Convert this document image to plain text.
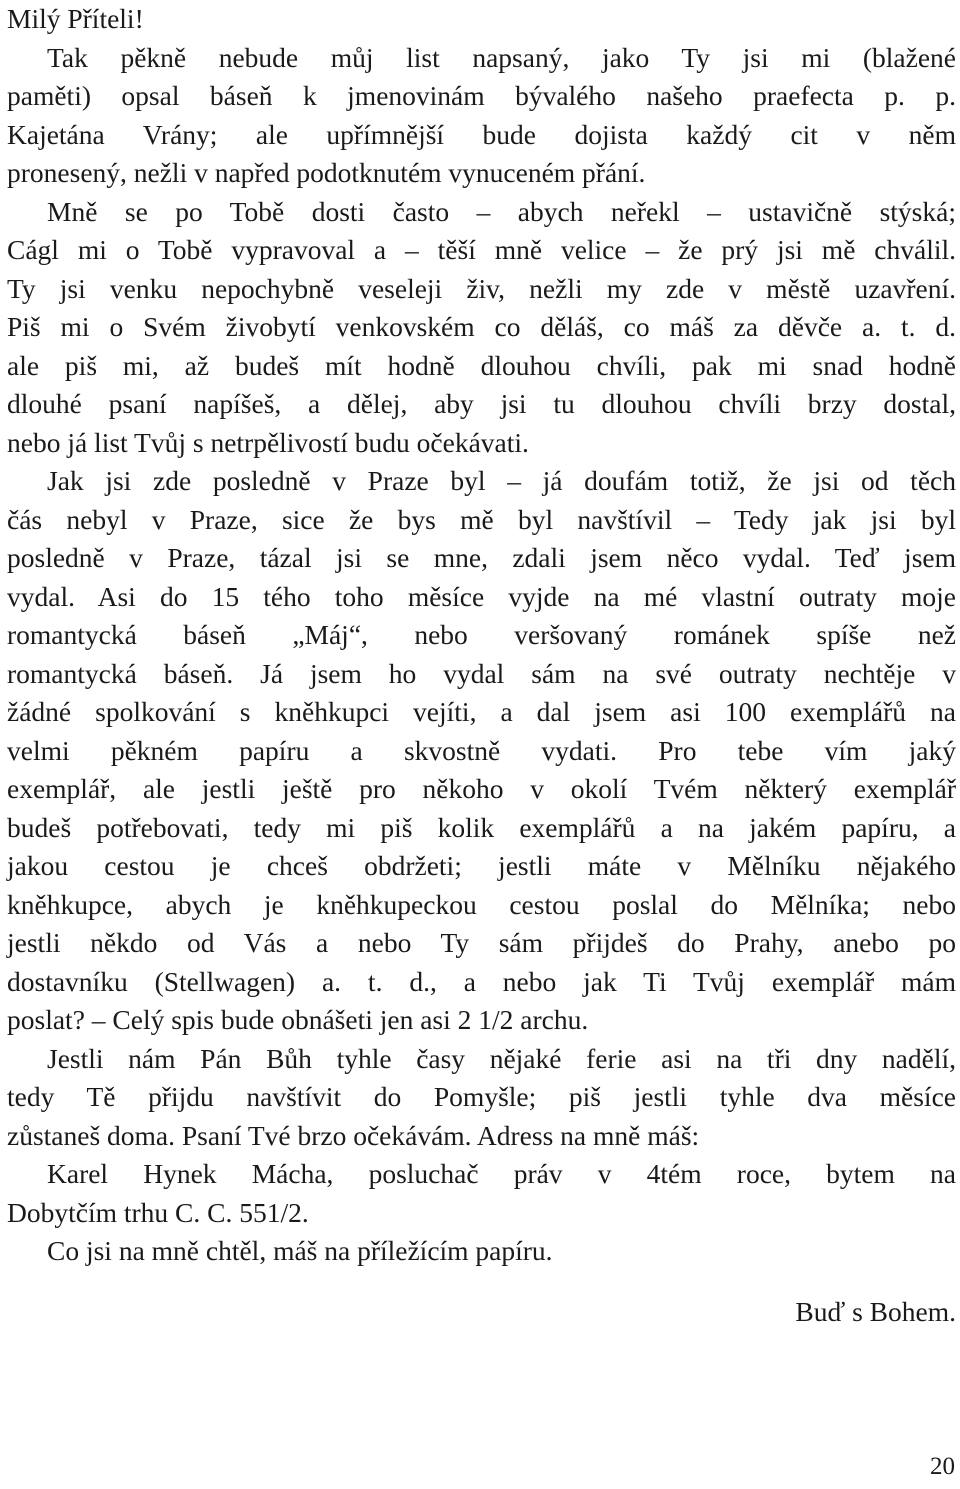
Milý Příteli!
Tak pěkně nebude můj list napsaný, jako Ty jsi mi (blažené
paměti) opsal báseň k jmenovinám bývalého našeho praefecta p. p.
Kajetána Vrány; ale upřímnější bude dojista každý cit v něm
pronesený, nežli v napřed podotknutém vynuceném přání.
Mně se po Tobě dosti často – abych neřekl – ustavičně stýská;
Cágl mi o Tobě vypravoval a – těší mně velice – že prý jsi mě chválil.
Ty jsi venku nepochybně veseleji živ, nežli my zde v městě uzavření.
Piš mi o Svém živobytí venkovském co děláš, co máš za děvče a. t. d.
ale piš mi, až budeš mít hodně dlouhou chvíli, pak mi snad hodně
dlouhé psaní napíšeš, a dělej, aby jsi tu dlouhou chvíli brzy dostal,
nebo já list Tvůj s netrpělivostí budu očekávati.
Jak jsi zde posledně v Praze byl – já doufám totiž, že jsi od těch
čás nebyl v Praze, sice že bys mě byl navštívil – Tedy jak jsi byl
posledně v Praze, tázal jsi se mne, zdali jsem něco vydal. Teď jsem
vydal. Asi do 15 tého toho měsíce vyjde na mé vlastní outraty moje
romantycká báseň „Máj“, nebo veršovaný románek spíše než
romantycká báseň. Já jsem ho vydal sám na své outraty nechtěje v
žádné spolkování s kněhkupci vejíti, a dal jsem asi 100 exemplářů na
velmi pěkném papíru a skvostně vydati. Pro tebe vím jaký
exemplář, ale jestli ještě pro někoho v okolí Tvém některý exemplář
budeš potřebovati, tedy mi piš kolik exemplářů a na jakém papíru, a
jakou cestou je chceš obdržeti; jestli máte v Mělníku nějakého
kněhkupce, abych je kněhkupeckou cestou poslal do Mělníka; nebo
jestli někdo od Vás a nebo Ty sám přijdeš do Prahy, anebo po
dostavníku (Stellwagen) a. t. d., a nebo jak Ti Tvůj exemplář mám
poslat? – Celý spis bude obnášeti jen asi 2 1/2 archu.
Jestli nám Pán Bůh tyhle časy nějaké ferie asi na tři dny nadělí,
tedy Tě přijdu navštívit do Pomyšle; piš jestli tyhle dva měsíce
zůstaneš doma. Psaní Tvé brzo očekávám. Adress na mně máš:
Karel Hynek Mácha, posluchač práv v 4tém roce, bytem na
Dobytčím trhu C. C. 551/2.
Co jsi na mně chtěl, máš na příležícím papíru.
Buď s Bohem.
20
